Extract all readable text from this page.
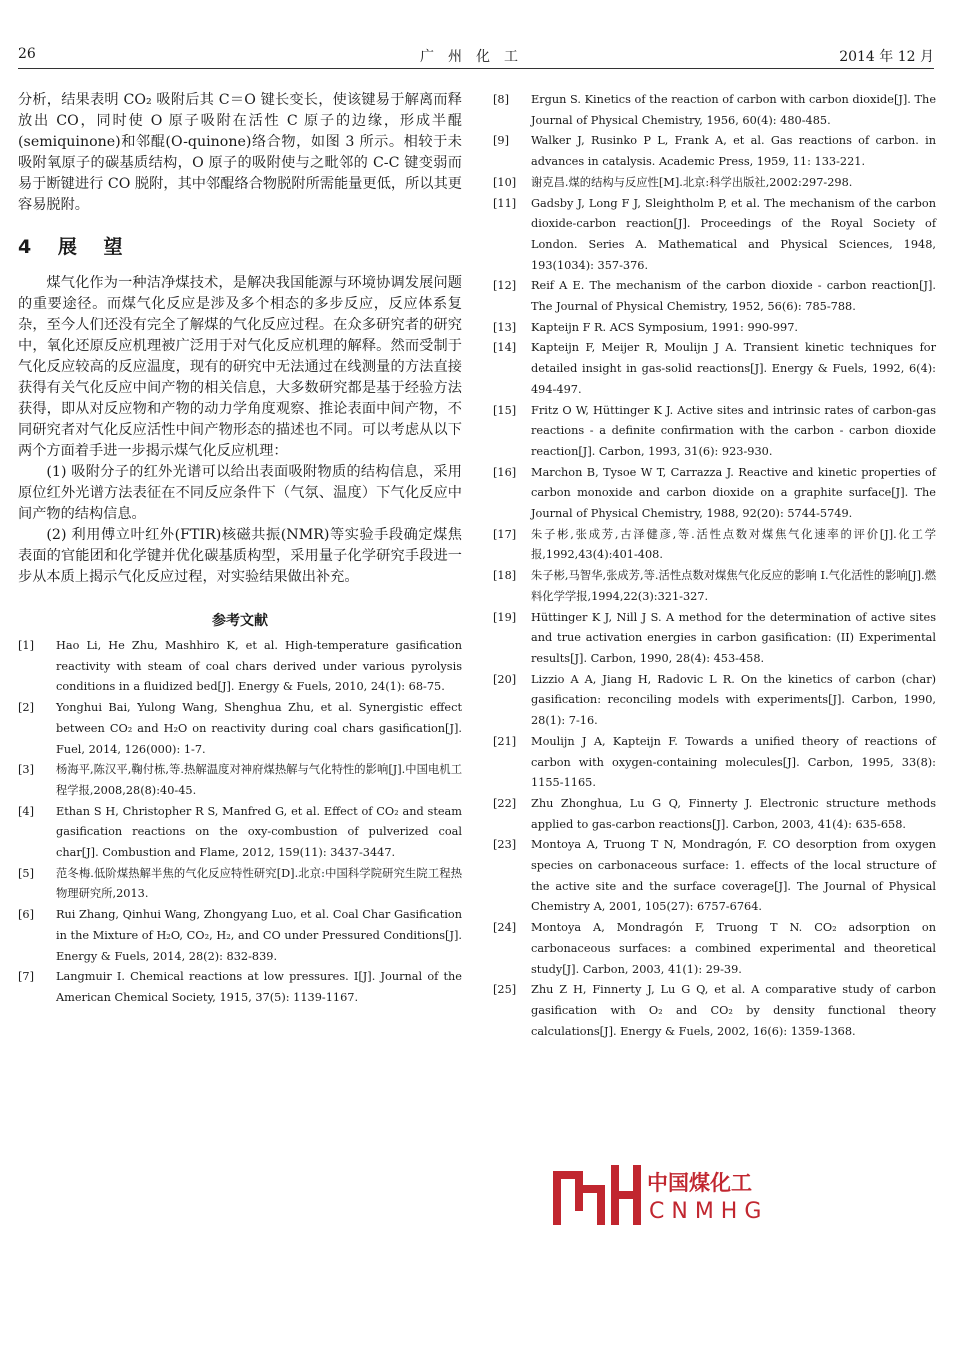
26	广州化工	2014 年 12 月

分析，结果表明 CO₂ 吸附后其 C＝O 键长变长，使该键易于解离而释放出 CO，同时使 O 原子吸附在活性 C 原子的边缘，形成半醌(semiquinone)和邻醌(O-quinone)络合物，如图 3 所示。相较于未吸附氧原子的碳基质结构，O 原子的吸附使与之毗邻的 C-C 键变弱而易于断键进行 CO 脱附，其中邻醌络合物脱附所需能量更低，所以其更容易脱附。

4 展 望

煤气化作为一种洁净煤技术，是解决我国能源与环境协调发展问题的重要途径。而煤气化反应是涉及多个相态的多步反应，反应体系复杂，至今人们还没有完全了解煤的气化反应过程。在众多研究者的研究中，氧化还原反应机理被广泛用于对气化反应机理的解释。然而受制于气化反应较高的反应温度，现有的研究中无法通过在线测量的方法直接获得有关气化反应中间产物的相关信息，大多数研究都是基于经验方法获得，即从对反应物和产物的动力学角度观察、推论表面中间产物，不同研究者对气化反应活性中间产物形态的描述也不同。可以考虑从以下两个方面着手进一步揭示煤气化反应机理：

(1) 吸附分子的红外光谱可以给出表面吸附物质的结构信息，采用原位红外光谱方法表征在不同反应条件下（气氛、温度）下气化反应中间产物的结构信息。

(2) 利用傅立叶红外(FTIR)核磁共振(NMR)等实验手段确定煤焦表面的官能团和化学键并优化碳基质构型，采用量子化学研究手段进一步从本质上揭示气化反应过程，对实验结果做出补充。

参考文献
[1]	Hao Li, He Zhu, Mashhiro K, et al. High-temperature gasification reactivity with steam of coal chars derived under various pyrolysis conditions in a fluidized bed[J]. Energy & Fuels, 2010, 24(1): 68-75.
[2]	Yonghui Bai, Yulong Wang, Shenghua Zhu, et al. Synergistic effect between CO₂ and H₂O on reactivity during coal chars gasification[J]. Fuel, 2014, 126(000): 1-7.
[3]	杨海平,陈汉平,鞠付栋,等.热解温度对神府煤热解与气化特性的影响[J].中国电机工程学报,2008,28(8):40-45.
[4]	Ethan S H, Christopher R S, Manfred G, et al. Effect of CO₂ and steam gasification reactions on the oxy-combustion of pulverized coal char[J]. Combustion and Flame, 2012, 159(11): 3437-3447.
[5]	范冬梅.低阶煤热解半焦的气化反应特性研究[D].北京:中国科学院研究生院工程热物理研究所,2013.
[6]	Rui Zhang, Qinhui Wang, Zhongyang Luo, et al. Coal Char Gasification in the Mixture of H₂O, CO₂, H₂, and CO under Pressured Conditions[J]. Energy & Fuels, 2014, 28(2): 832-839.
[7]	Langmuir I. Chemical reactions at low pressures. I[J]. Journal of the American Chemical Society, 1915, 37(5): 1139-1167.
[8]	Ergun S. Kinetics of the reaction of carbon with carbon dioxide[J]. The Journal of Physical Chemistry, 1956, 60(4): 480-485.
[9]	Walker J, Rusinko P L, Frank A, et al. Gas reactions of carbon. in advances in catalysis. Academic Press, 1959, 11: 133-221.
[10]	谢克昌.煤的结构与反应性[M].北京:科学出版社,2002:297-298.
[11]	Gadsby J, Long F J, Sleightholm P, et al. The mechanism of the carbon dioxide-carbon reaction[J]. Proceedings of the Royal Society of London. Series A. Mathematical and Physical Sciences, 1948, 193(1034): 357-376.
[12]	Reif A E. The mechanism of the carbon dioxide - carbon reaction[J]. The Journal of Physical Chemistry, 1952, 56(6): 785-788.
[13]	Kapteijn F R. ACS Symposium, 1991: 990-997.
[14]	Kapteijn F, Meijer R, Moulijn J A. Transient kinetic techniques for detailed insight in gas-solid reactions[J]. Energy & Fuels, 1992, 6(4): 494-497.
[15]	Fritz O W, Hüttinger K J. Active sites and intrinsic rates of carbon-gas reactions - a definite confirmation with the carbon - carbon dioxide reaction[J]. Carbon, 1993, 31(6): 923-930.
[16]	Marchon B, Tysoe W T, Carrazza J. Reactive and kinetic properties of carbon monoxide and carbon dioxide on a graphite surface[J]. The Journal of Physical Chemistry, 1988, 92(20): 5744-5749.
[17]	朱子彬,张成芳,古泽健彦,等.活性点数对煤焦气化速率的评价[J].化工学报,1992,43(4):401-408.
[18]	朱子彬,马智华,张成芳,等.活性点数对煤焦气化反应的影响 I.气化活性的影响[J].燃料化学学报,1994,22(3):321-327.
[19]	Hüttinger K J, Nill J S. A method for the determination of active sites and true activation energies in carbon gasification: (II) Experimental results[J]. Carbon, 1990, 28(4): 453-458.
[20]	Lizzio A A, Jiang H, Radovic L R. On the kinetics of carbon (char) gasification: reconciling models with experiments[J]. Carbon, 1990, 28(1): 7-16.
[21]	Moulijn J A, Kapteijn F. Towards a unified theory of reactions of carbon with oxygen-containing molecules[J]. Carbon, 1995, 33(8): 1155-1165.
[22]	Zhu Zhonghua, Lu G Q, Finnerty J. Electronic structure methods applied to gas-carbon reactions[J]. Carbon, 2003, 41(4): 635-658.
[23]	Montoya A, Truong T N, Mondragón, F. CO desorption from oxygen species on carbonaceous surface: 1. effects of the local structure of the active site and the surface coverage[J]. The Journal of Physical Chemistry A, 2001, 105(27): 6757-6764.
[24]	Montoya A, Mondragón F, Truong T N. CO₂ adsorption on carbonaceous surfaces: a combined experimental and theoretical study[J]. Carbon, 2003, 41(1): 29-39.
[25]	Zhu Z H, Finnerty J, Lu G Q, et al. A comparative study of carbon gasification with O₂ and CO₂ by density functional theory calculations[J]. Energy & Fuels, 2002, 16(6): 1359-1368.
中国煤化工
CNMHG
